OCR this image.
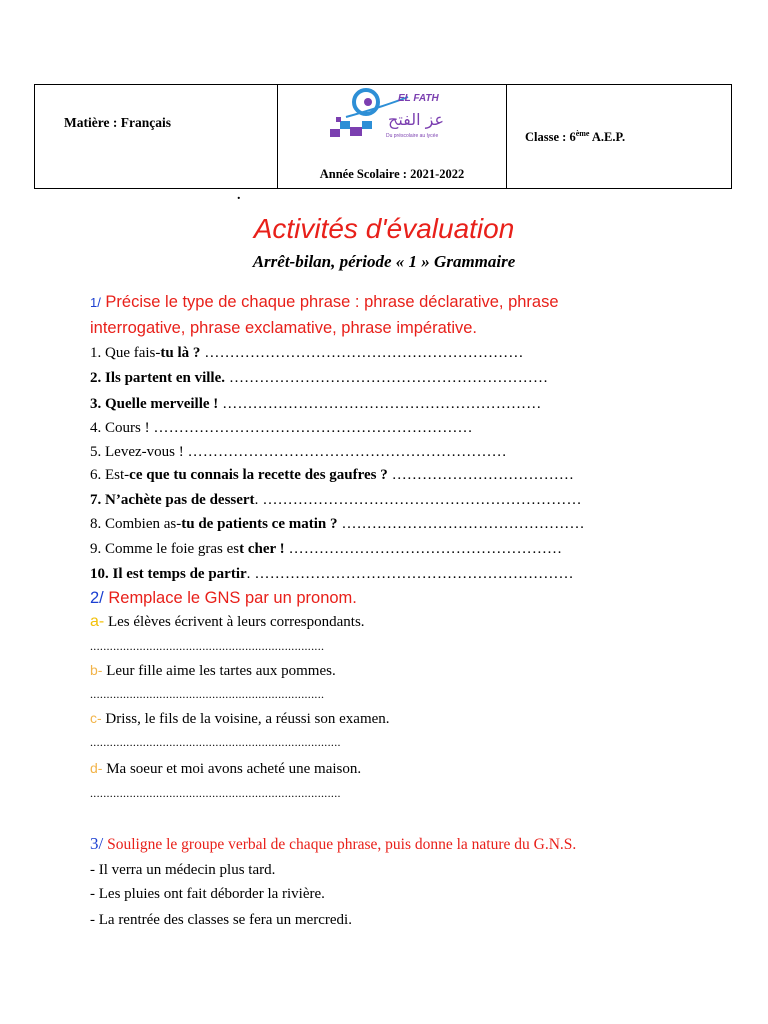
Matière : Français
EL FATH
عز الفتح
Du préscolaire au lycée
Année Scolaire : 2021-2022
Classe : 6ème A.E.P.
.
Activités d'évaluation
Arrêt-bilan, période « 1 » Grammaire
1/ Précise le type de chaque phrase : phrase déclarative, phrase
interrogative, phrase exclamative, phrase impérative.
1. Que fais-tu là ? ………………………………………………………
2. Ils partent en ville. ………………………………………………………
3. Quelle merveille ! ………………………………………………………
4. Cours ! ………………………………………………………
5. Levez-vous ! ………………………………………………………
6. Est-ce que tu connais la recette des gaufres ? ………………………………
7. N’achète pas de dessert. ………………………………………………………
8. Combien as-tu de patients ce matin ? …………………………………………
9. Comme le foie gras est cher ! ………………………………………………
10. Il est temps de partir. ………………………………………………………
2/ Remplace le GNS par un pronom.
a- Les élèves écrivent à leurs correspondants.
.......................................................................
b- Leur fille aime les tartes aux pommes.
.......................................................................
c- Driss, le fils de la voisine, a réussi son examen.
............................................................................
d- Ma soeur et moi avons acheté une maison.
............................................................................
3/ Souligne le groupe verbal de chaque phrase, puis donne la nature du G.N.S.
- Il verra un médecin plus tard.
- Les pluies ont fait déborder la rivière.
- La rentrée des classes se fera un mercredi.
